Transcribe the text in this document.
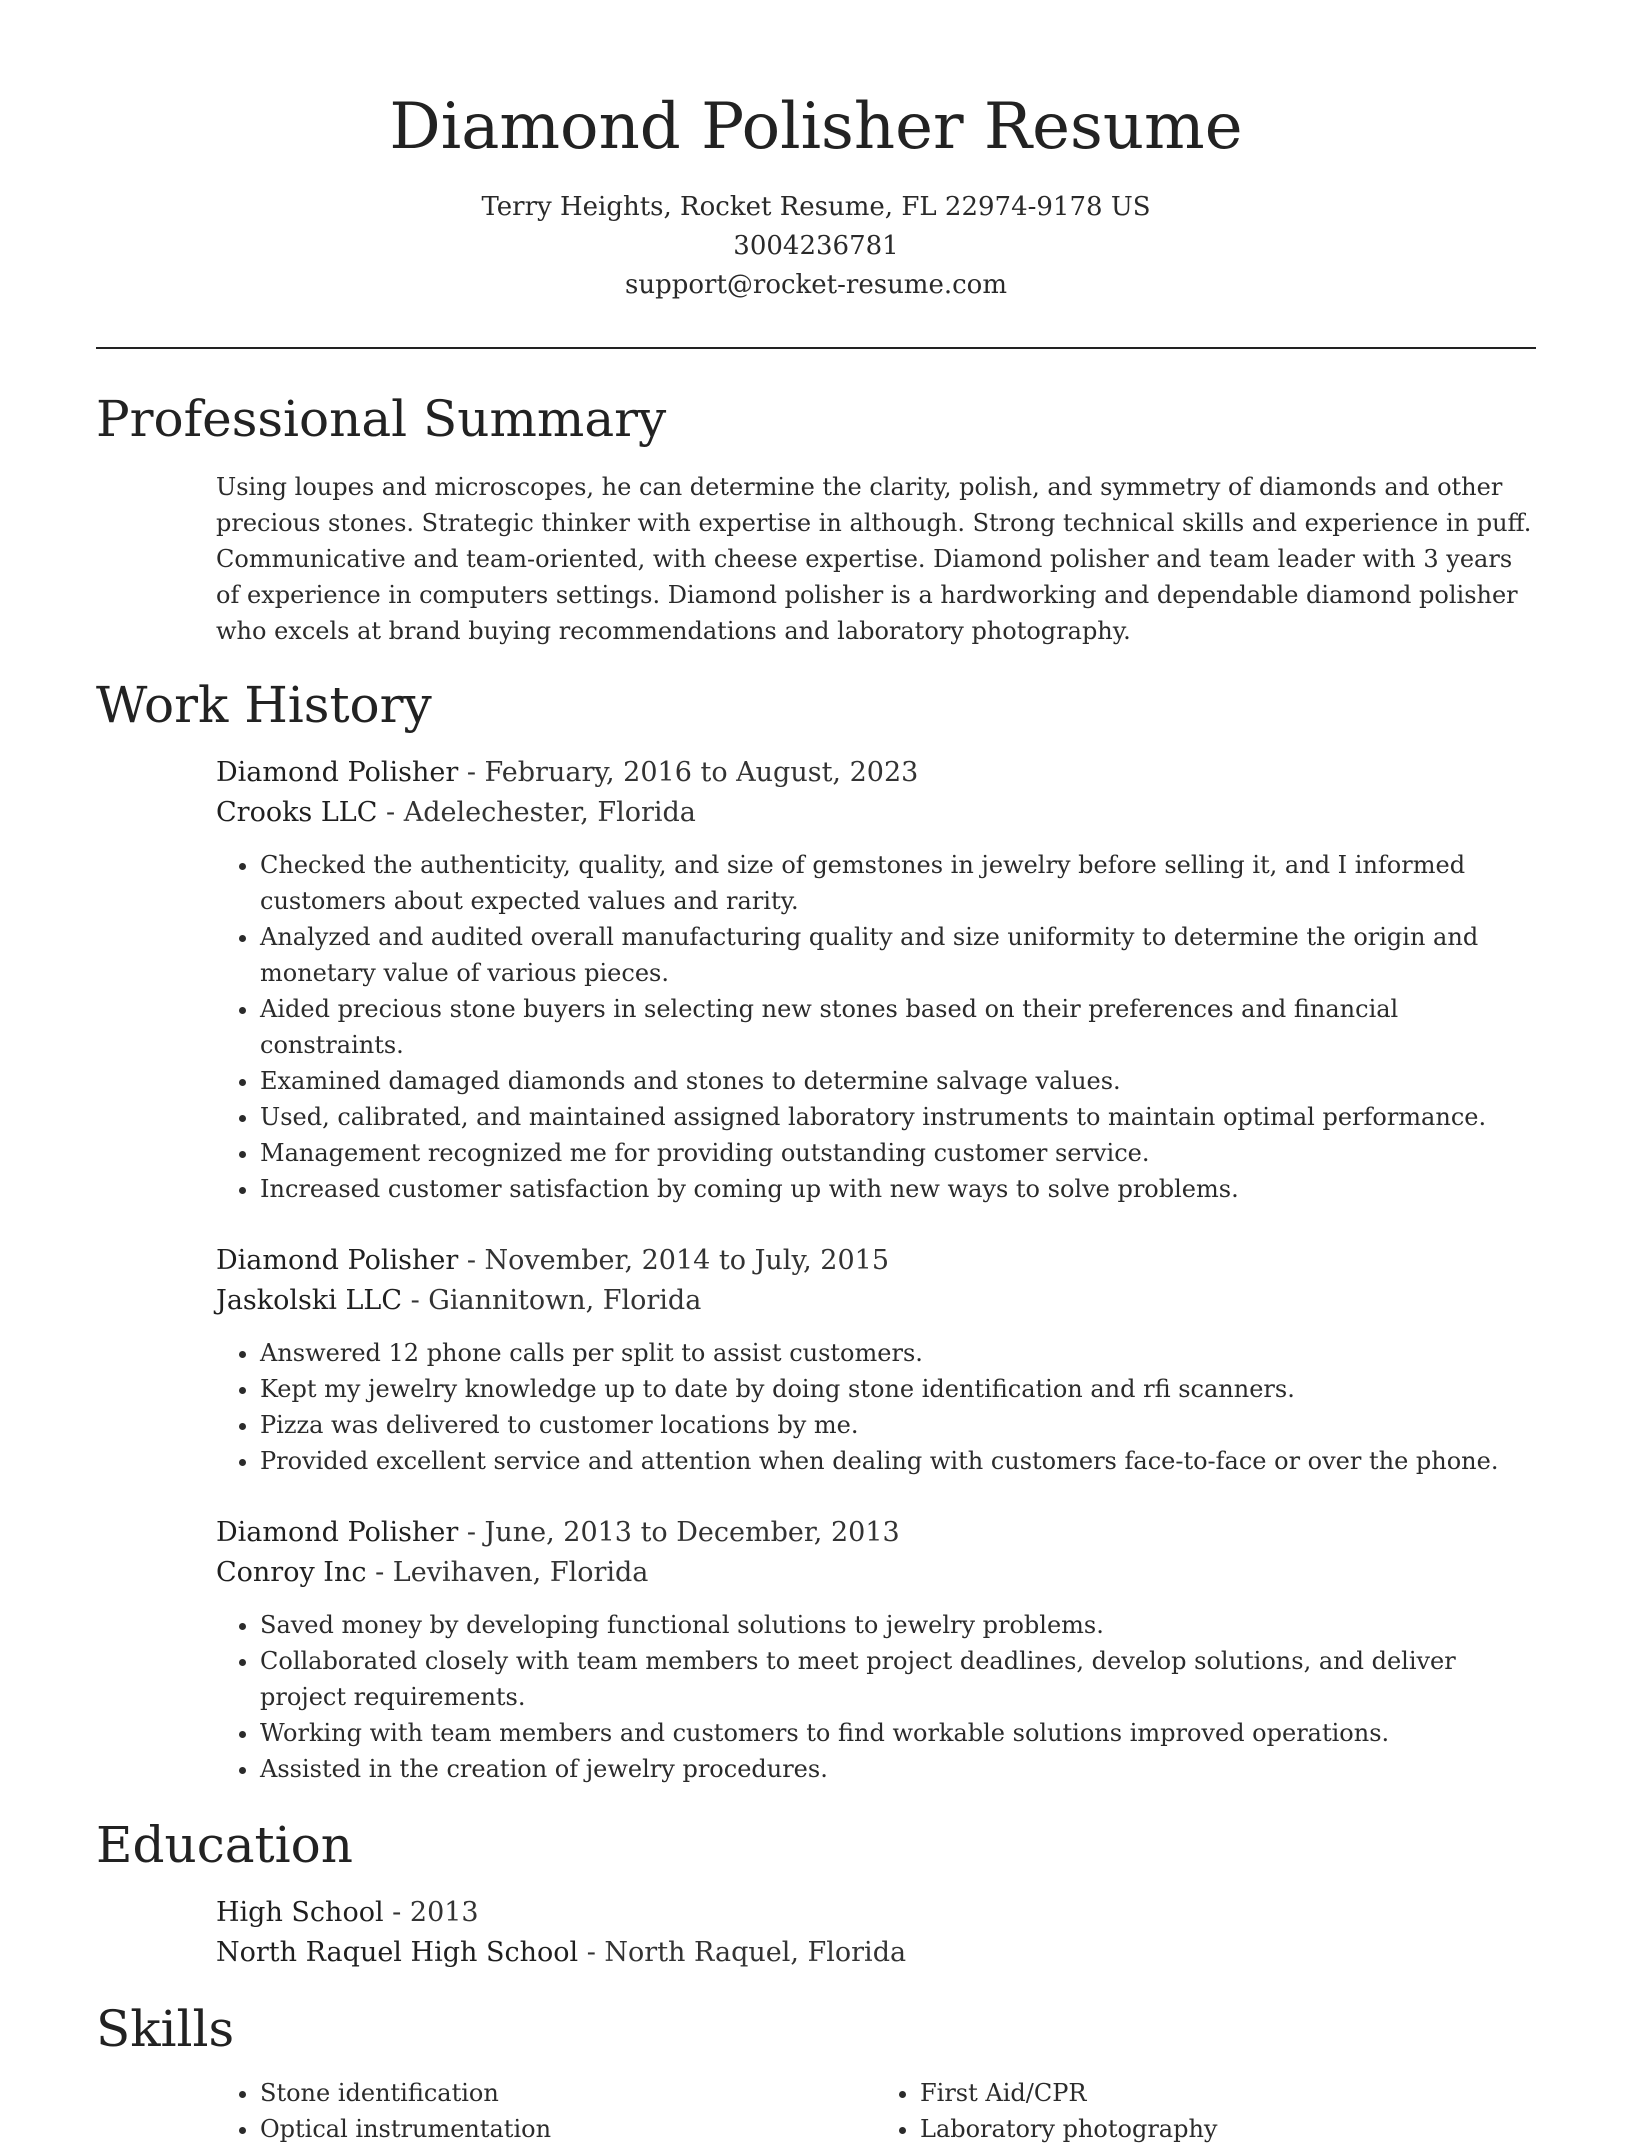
Diamond Polisher Resume
Terry Heights, Rocket Resume, FL 22974-9178 US
3004236781
support@rocket-resume.com
Professional Summary
Using loupes and microscopes, he can determine the clarity, polish, and symmetry of diamonds and other precious stones. Strategic thinker with expertise in although. Strong technical skills and experience in puff. Communicative and team-oriented, with cheese expertise. Diamond polisher and team leader with 3 years of experience in computers settings. Diamond polisher is a hardworking and dependable diamond polisher who excels at brand buying recommendations and laboratory photography.
Work History
Diamond Polisher - February, 2016 to August, 2023
Crooks LLC - Adelechester, Florida
• Checked the authenticity, quality, and size of gemstones in jewelry before selling it, and I informed customers about expected values and rarity.
• Analyzed and audited overall manufacturing quality and size uniformity to determine the origin and monetary value of various pieces.
• Aided precious stone buyers in selecting new stones based on their preferences and financial constraints.
• Examined damaged diamonds and stones to determine salvage values.
• Used, calibrated, and maintained assigned laboratory instruments to maintain optimal performance.
• Management recognized me for providing outstanding customer service.
• Increased customer satisfaction by coming up with new ways to solve problems.
Diamond Polisher - November, 2014 to July, 2015
Jaskolski LLC - Giannitown, Florida
• Answered 12 phone calls per split to assist customers.
• Kept my jewelry knowledge up to date by doing stone identification and rfi scanners.
• Pizza was delivered to customer locations by me.
• Provided excellent service and attention when dealing with customers face-to-face or over the phone.
Diamond Polisher - June, 2013 to December, 2013
Conroy Inc - Levihaven, Florida
• Saved money by developing functional solutions to jewelry problems.
• Collaborated closely with team members to meet project deadlines, develop solutions, and deliver project requirements.
• Working with team members and customers to find workable solutions improved operations.
• Assisted in the creation of jewelry procedures.
Education
High School - 2013
North Raquel High School - North Raquel, Florida
Skills
• Stone identification
• Optical instrumentation
• First Aid/CPR
• Laboratory photography
